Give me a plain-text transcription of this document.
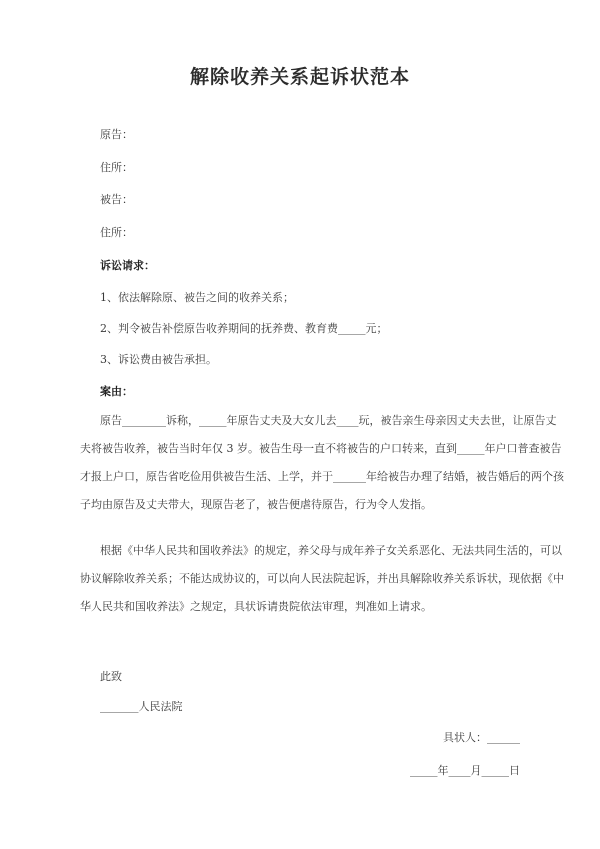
解除收养关系起诉状范本
原告：
住所：
被告：
住所：
诉讼请求：
1、依法解除原、被告之间的收养关系；
2、判令被告补偿原告收养期间的抚养费、教育费_____元；
3、诉讼费由被告承担。
案由：
原告________诉称，_____年原告丈夫及大女儿去____玩，被告亲生母亲因丈夫去世，让原告丈
夫将被告收养，被告当时年仅 3 岁。被告生母一直不将被告的户口转来，直到_____年户口普查被告
才报上户口，原告省吃俭用供被告生活、上学，并于______年给被告办理了结婚，被告婚后的两个孩
子均由原告及丈夫带大，现原告老了，被告便虐待原告，行为令人发指。
根据《中华人民共和国收养法》的规定，养父母与成年养子女关系恶化、无法共同生活的，可以
协议解除收养关系；不能达成协议的，可以向人民法院起诉，并出具解除收养关系诉状，现依据《中
华人民共和国收养法》之规定，具状诉请贵院依法审理，判准如上请求。
此致
_______人民法院
具状人：______
_____年____月_____日
